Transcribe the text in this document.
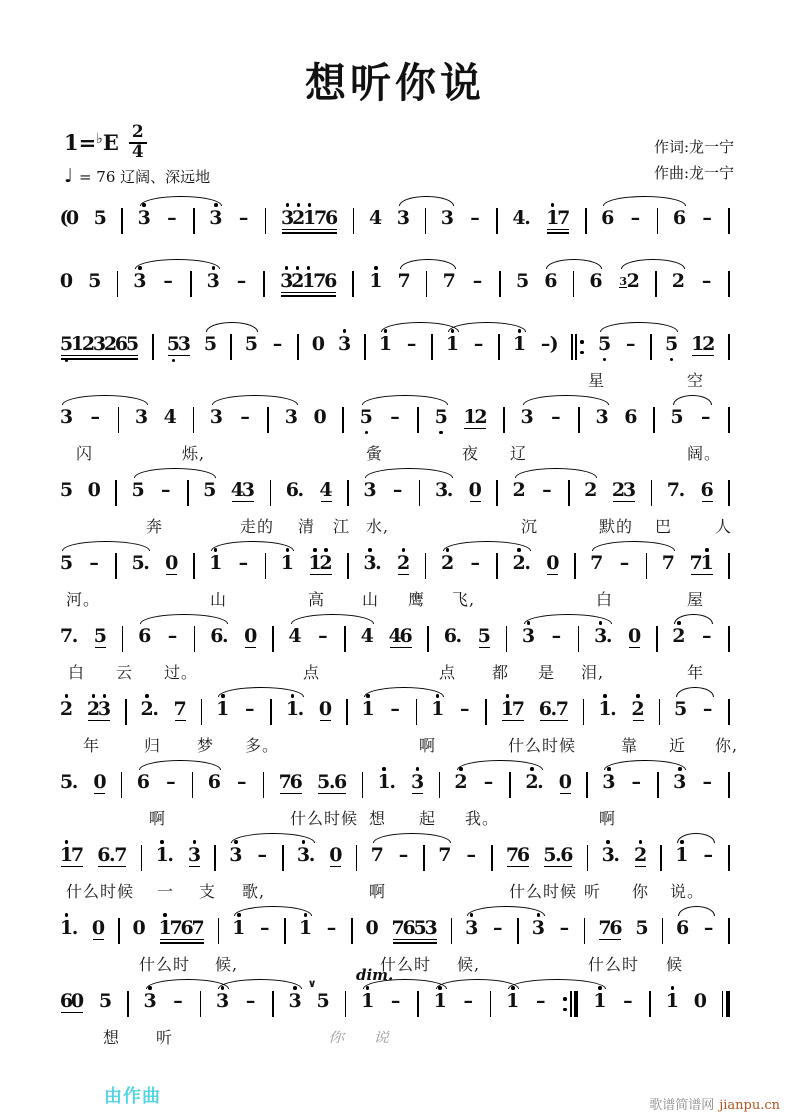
想听你说
1= ♭ E 2
4
♩ = 76 辽阔、深远地
作词:龙一宁
作曲:龙一宁
(
0 5 3 – 3 – 3
2
1
7
6 4 3 3 – 4
. 1
7 6 – 6 –
0 5 3 – 3 – 3
2
1
7
6 1 7 7 – 5 6 6 3 2 2 –
5
1
2
3
2
6
5 5
3 5 5 – 0 3 1 – 1 – 1 – ) 5 – 5 1
2
星	空
3 – 3 4 3 – 3 0 5 – 5 1
2 3 – 3 6 5 –
闪	烁,	夤	夜 辽	阔。
5 0 5 – 5 4
3 6
. 4 3 – 3
. 0 2 – 2 2
3 7
. 6
奔	走的 清 江 水,	沉	默的 巴	人
5 – 5
. 0 1 – 1 1
2 3
. 2 2 – 2
. 0 7 – 7 7
1
河。	山	高 山 鹰 飞,	白	屋
7
. 5 6 – 6
. 0 4 – 4 4
6 6
. 5 3 – 3
. 0 2 –
白 云 过。	点	点 都 是 泪,	年
2 2
3 2
. 7 1 – 1
. 0 1 – 1 – 1
7 6
.
7 1
. 2 5 –
年	归 梦 多。	啊	什么时候	靠 近 你,
5
. 0 6 – 6 – 7
6 5
.
6 1
. 3 2 – 2
. 0 3 – 3 –
啊	什么时候 想 起 我。	啊
1
7 6
.
7 1
. 3 3 – 3
. 0 7 – 7 – 7
6 5
.
6 3
. 2 1 –
什么时候 一 支 歌,	啊	什么时候 听 你 说。
1
. 0 0 1
7
6
7 1 – 1 – 0 7
6
5
3 3 – 3 – 7
6 5 6 –
什么时 候,	什么时 候,	什么时 候
6
0 5 3 – 3 – 3
∨
5 1 – 1 – 1 –	1 – 1 0
dim.
想 听	你 说
由作曲	歌谱简谱网 jianpu.cn
